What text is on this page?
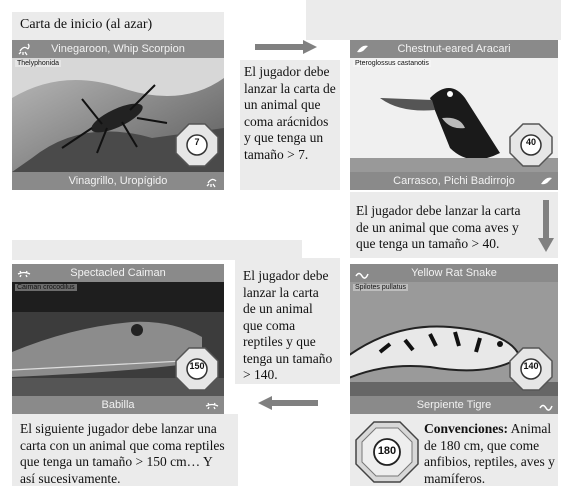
Carta de inicio (al azar)
Vinegaroon, Whip Scorpion
Thelyphonida
7
Vinagrillo, Uropígido
Chestnut-eared Aracari
Pteroglossus castanotis
40
Carrasco, Pichi Badirrojo
Spectacled Caiman
Caiman crocodilus
150
Babilla
Yellow Rat Snake
Spilotes pullatus
140
Serpiente Tigre
El jugador debe lanzar la carta de un animal que coma arácnidos y que tenga un tamaño > 7.
El jugador debe lanzar la carta de un animal que coma aves y que tenga un tamaño > 40.
El jugador debe lanzar la carta de un animal que coma reptiles y que tenga un tamaño > 140.
El siguiente jugador debe lanzar una carta con un animal que coma reptiles que tenga un tamaño > 150 cm… Y así sucesivamente.
180
Convenciones: Animal de 180 cm, que come anfibios, reptiles, aves y mamíferos.
